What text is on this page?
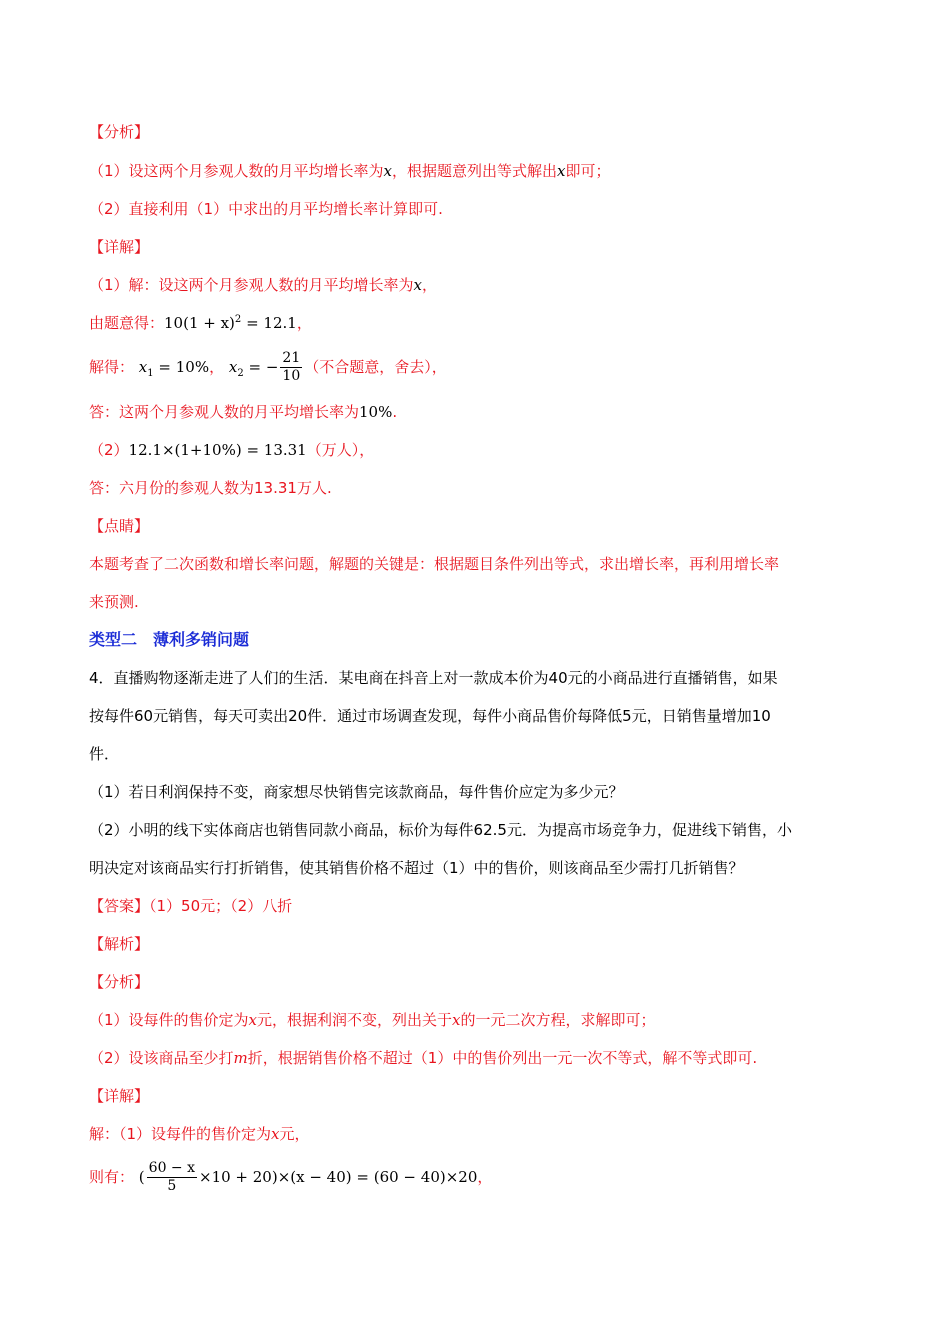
【分析】
（1）设这两个月参观人数的月平均增长率为x，根据题意列出等式解出x即可；
（2）直接利用（1）中求出的月平均增长率计算即可.
【详解】
（1）解：设这两个月参观人数的月平均增长率为x，
由题意得：$10(1 + x)^2 = 12.1$，
解得： $x_1 = 10\%$， $x_2$ = − $\frac{21}{10}$ （不合题意，舍去），
答：这两个月参观人数的月平均增长率为10%.
（2）12.1×(1+10%) = 13.31（万人），
答：六月份的参观人数为13.31万人.
【点睛】
本题考查了二次函数和增长率问题，解题的关键是：根据题目条件列出等式，求出增长率，再利用增长率
来预测.
类型二　薄利多销问题
4．直播购物逐渐走进了人们的生活．某电商在抖音上对一款成本价为40元的小商品进行直播销售，如果
按每件60元销售，每天可卖出20件．通过市场调查发现，每件小商品售价每降低5元，日销售量增加10
件．
（1）若日利润保持不变，商家想尽快销售完该款商品，每件售价应定为多少元？
（2）小明的线下实体商店也销售同款小商品，标价为每件62.5元．为提高市场竞争力，促进线下销售，小
明决定对该商品实行打折销售，使其销售价格不超过（1）中的售价，则该商品至少需打几折销售？
【答案】（1）50元；（2）八折
【解析】
【分析】
（1）设每件的售价定为x元，根据利润不变，列出关于x的一元二次方程，求解即可；
（2）设该商品至少打m折，根据销售价格不超过（1）中的售价列出一元一次不等式，解不等式即可.
【详解】
解：（1）设每件的售价定为x元，
则有： ( $\frac{60 - x}{5} \times 10 + 20)\times(x - 40) = (60 - 40)\times 20$，
